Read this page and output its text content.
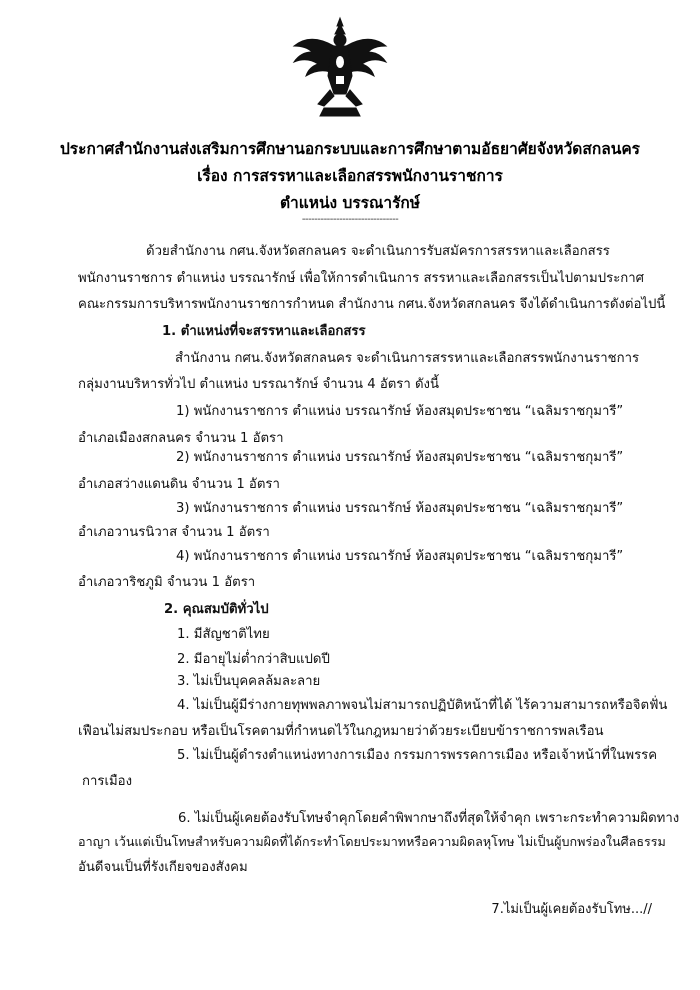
ประกาศสำนักงานส่งเสริมการศึกษานอกระบบและการศึกษาตามอัธยาศัยจังหวัดสกลนคร
เรื่อง การสรรหาและเลือกสรรพนักงานราชการ
ตำแหน่ง บรรณารักษ์
-------------------------------
ด้วยสำนักงาน กศน.จังหวัดสกลนคร จะดำเนินการรับสมัครการสรรหาและเลือกสรร
พนักงานราชการ ตำแหน่ง บรรณารักษ์ เพื่อให้การดำเนินการ สรรหาและเลือกสรรเป็นไปตามประกาศ
คณะกรรมการบริหารพนักงานราชการกำหนด สำนักงาน กศน.จังหวัดสกลนคร จึงได้ดำเนินการดังต่อไปนี้
1. ตำแหน่งที่จะสรรหาและเลือกสรร
สำนักงาน กศน.จังหวัดสกลนคร จะดำเนินการสรรหาและเลือกสรรพนักงานราชการ
กลุ่มงานบริหารทั่วไป ตำแหน่ง บรรณารักษ์ จำนวน 4 อัตรา ดังนี้
1) พนักงานราชการ ตำแหน่ง บรรณารักษ์ ห้องสมุดประชาชน “เฉลิมราชกุมารี”
อำเภอเมืองสกลนคร จำนวน 1 อัตรา
2) พนักงานราชการ ตำแหน่ง บรรณารักษ์ ห้องสมุดประชาชน “เฉลิมราชกุมารี”
อำเภอสว่างแดนดิน จำนวน 1 อัตรา
3) พนักงานราชการ ตำแหน่ง บรรณารักษ์ ห้องสมุดประชาชน “เฉลิมราชกุมารี”
อำเภอวานรนิวาส จำนวน 1 อัตรา
4) พนักงานราชการ ตำแหน่ง บรรณารักษ์ ห้องสมุดประชาชน “เฉลิมราชกุมารี”
อำเภอวาริชภูมิ จำนวน 1 อัตรา
2. คุณสมบัติทั่วไป
1. มีสัญชาติไทย
2. มีอายุไม่ต่ำกว่าสิบแปดปี
3. ไม่เป็นบุคคลล้มละลาย
4. ไม่เป็นผู้มีร่างกายทุพพลภาพจนไม่สามารถปฏิบัติหน้าที่ได้ ไร้ความสามารถหรือจิตฟั่น
เฟือนไม่สมประกอบ หรือเป็นโรคตามที่กำหนดไว้ในกฎหมายว่าด้วยระเบียบข้าราชการพลเรือน
5. ไม่เป็นผู้ดำรงตำแหน่งทางการเมือง กรรมการพรรคการเมือง หรือเจ้าหน้าที่ในพรรค
การเมือง
6. ไม่เป็นผู้เคยต้องรับโทษจำคุกโดยคำพิพากษาถึงที่สุดให้จำคุก เพราะกระทำความผิดทาง
อาญา เว้นแต่เป็นโทษสำหรับความผิดที่ได้กระทำโดยประมาทหรือความผิดลหุโทษ ไม่เป็นผู้บกพร่องในศีลธรรม
อันดีจนเป็นที่รังเกียจของสังคม
7.ไม่เป็นผู้เคยต้องรับโทษ...//
